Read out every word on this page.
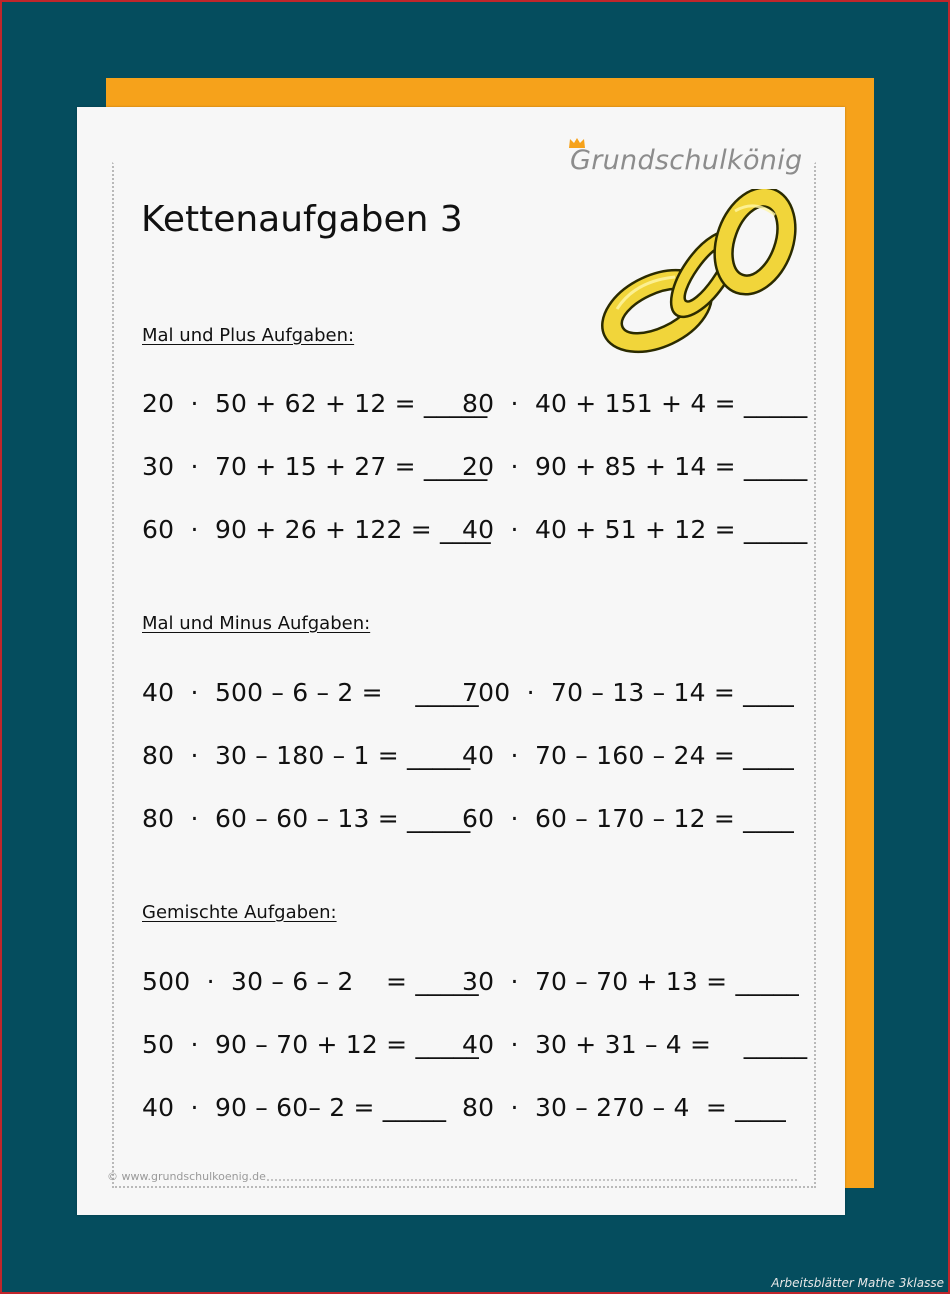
Grundschulkönig
Kettenaufgaben 3
Mal und Plus Aufgaben:
20  ·  50 + 62 + 12 = _____
80  ·  40 + 151 + 4 = _____
30  ·  70 + 15 + 27 = _____
20  ·  90 + 85 + 14 = _____
60  ·  90 + 26 + 122 = ____
40  ·  40 + 51 + 12 = _____
Mal und Minus Aufgaben:
40  ·  500 – 6 – 2 =    _____
700  ·  70 – 13 – 14 = ____
80  ·  30 – 180 – 1 = _____
40  ·  70 – 160 – 24 = ____
80  ·  60 – 60 – 13 = _____
60  ·  60 – 170 – 12 = ____
Gemischte Aufgaben:
500  ·  30 – 6 – 2    = _____
30  ·  70 – 70 + 13 = _____
50  ·  90 – 70 + 12 = _____
40  ·  30 + 31 – 4 =    _____
40  ·  90 – 60– 2 = _____ 80  ·  30 – 270 – 4  = ____
© www.grundschulkoenig.de
Arbeitsblätter Mathe 3klasse
